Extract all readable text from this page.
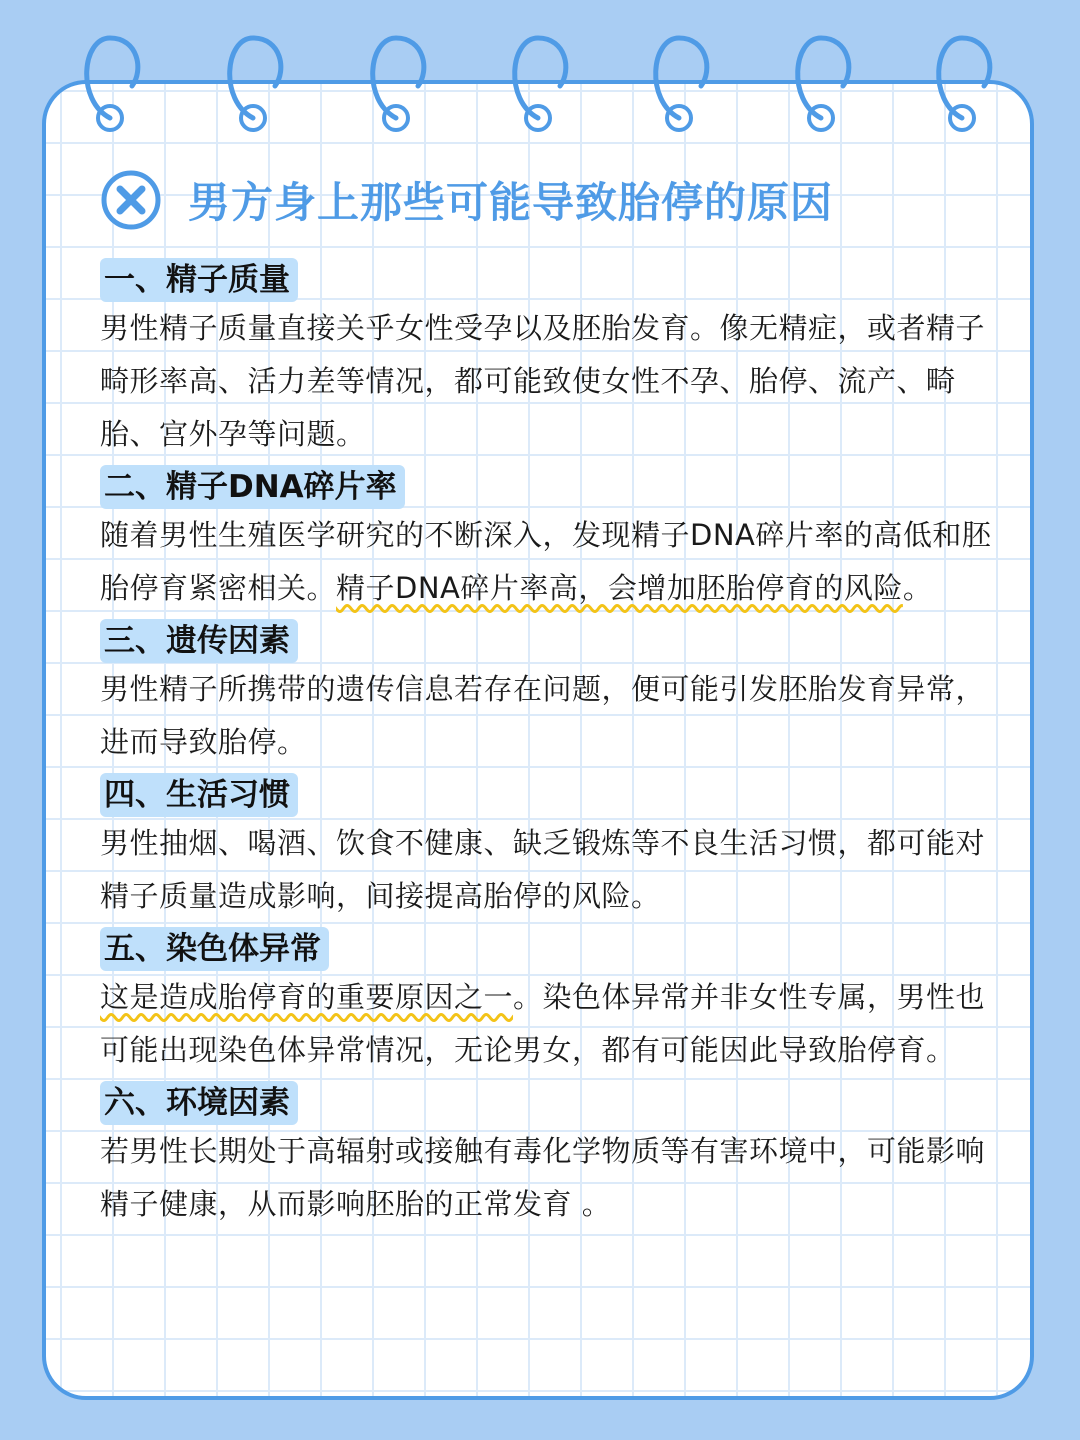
男方身上那些可能导致胎停的原因
一、精子质量

男性精子质量直接关乎女性受孕以及胚胎发育。像无精症，或者精子畸形率高、活力差等情况，都可能致使女性不孕、胎停、流产、畸胎、宫外孕等问题。

二、精子DNA碎片率

随着男性生殖医学研究的不断深入，发现精子DNA碎片率的高低和胚胎停育紧密相关。精子DNA碎片率高，会增加胚胎停育的风险。

三、遗传因素

男性精子所携带的遗传信息若存在问题，便可能引发胚胎发育异常，进而导致胎停。

四、生活习惯

男性抽烟、喝酒、饮食不健康、缺乏锻炼等不良生活习惯，都可能对精子质量造成影响，间接提高胎停的风险。

五、染色体异常

这是造成胎停育的重要原因之一。染色体异常并非女性专属，男性也可能出现染色体异常情况，无论男女，都有可能因此导致胎停育。

六、环境因素

若男性长期处于高辐射或接触有毒化学物质等有害环境中，可能影响精子健康，从而影响胚胎的正常发育 。
